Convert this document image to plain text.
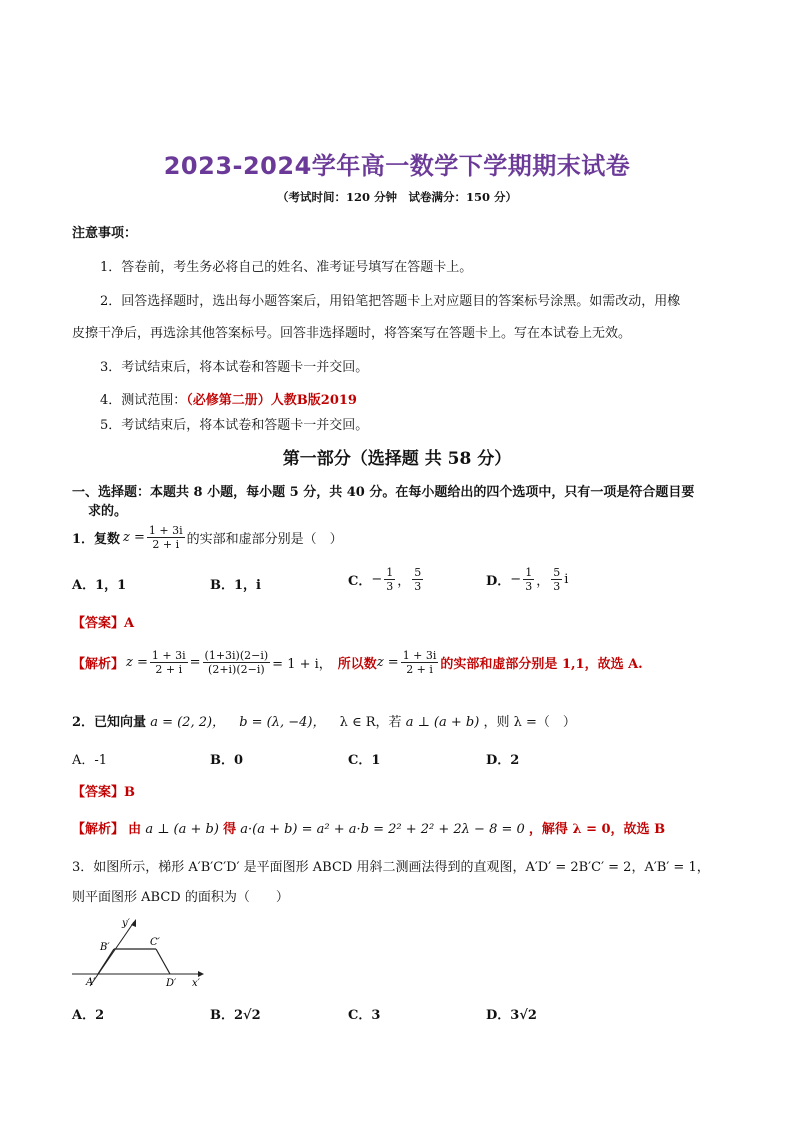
2023-2024学年高一数学下学期期末试卷
（考试时间：120 分钟　试卷满分：150 分）
注意事项：
1．答卷前，考生务必将自己的姓名、准考证号填写在答题卡上。
2．回答选择题时，选出每小题答案后，用铅笔把答题卡上对应题目的答案标号涂黑。如需改动，用橡
皮擦干净后，再选涂其他答案标号。回答非选择题时，将答案写在答题卡上。写在本试卷上无效。
3．考试结束后，将本试卷和答题卡一并交回。
4．测试范围：（必修第二册）人教B版2019
5．考试结束后，将本试卷和答题卡一并交回。
第一部分（选择题 共 58 分）
一、选择题：本题共 8 小题，每小题 5 分，共 40 分。在每小题给出的四个选项中，只有一项是符合题目要
求的。
1．复数 $z = \frac{1 + 3i}{2 + i}$ 的实部和虚部分别是（　）
A．1，1	B．1，i	C． − $\frac{1}{3}$ ， $\frac{5}{3}$	D． − $\frac{1}{3}$ ， $\frac{5}{3}$ i
【答案】A
【解析】 $z = \frac{1 + 3i}{2 + i} = \frac{(1+3i)(2-i)}{(2+i)(2-i)} = 1 + i$， 所以数 $z = \frac{1 + 3i}{2 + i}$ 的实部和虚部分别是 1,1，故选 A.
2．已知向量 a = (2, 2)， b = (λ, −4)， λ ∈ R，若 a ⊥ (a + b) ，则 λ =（　）
A．-1	B．0	C．1	D．2
【答案】B
【解析】 由 a ⊥ (a + b) 得 a·(a + b) = a² + a·b = 2² + 2² + 2λ − 8 = 0 ，解得 λ = 0，故选 B
3．如图所示，梯形 A′B′C′D′ 是平面图形 ABCD 用斜二测画法得到的直观图，A′D′ = 2B′C′ = 2，A′B′ = 1，
则平面图形 ABCD 的面积为（　　）
y′
x′
B′	C′
A′	D′
A．2	B．2√2	C．3	D．3√2
